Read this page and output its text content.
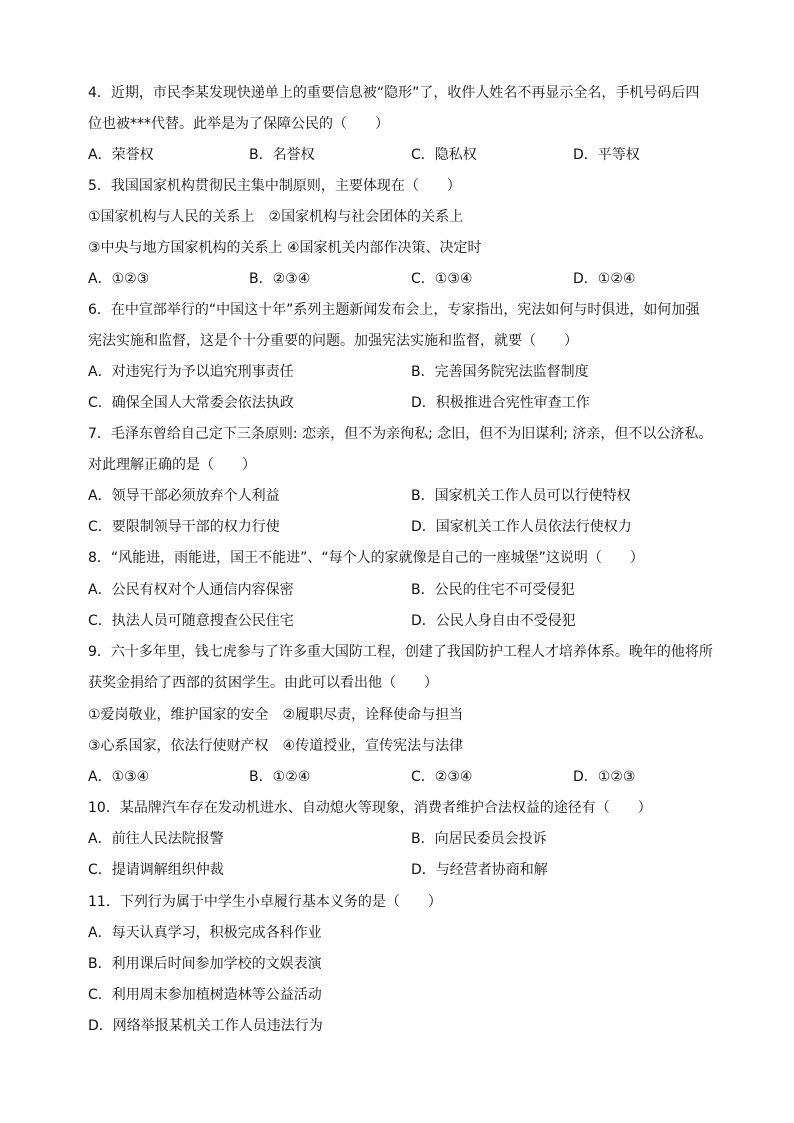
4．近期，市民李某发现快递单上的重要信息被“隐形”了，收件人姓名不再显示全名，手机号码后四
位也被***代替。此举是为了保障公民的（　　）
A．荣誉权	B．名誉权	C．隐私权	D．平等权
5．我国国家机构贯彻民主集中制原则，主要体现在（　　）
①国家机构与人民的关系上　②国家机构与社会团体的关系上
③中央与地方国家机构的关系上 ④国家机关内部作决策、决定时
A．①②③	B．②③④	C．①③④	D．①②④
6．在中宣部举行的“中国这十年”系列主题新闻发布会上，专家指出，宪法如何与时俱进，如何加强
宪法实施和监督，这是个十分重要的问题。加强宪法实施和监督，就要（　　）
A．对违宪行为予以追究刑事责任	B．完善国务院宪法监督制度
C．确保全国人大常委会依法执政	D．积极推进合宪性审查工作
7．毛泽东曾给自己定下三条原则: 恋亲，但不为亲徇私; 念旧，但不为旧谋利; 济亲，但不以公济私。
对此理解正确的是（　　）
A．领导干部必须放弃个人利益	B．国家机关工作人员可以行使特权
C．要限制领导干部的权力行使	D．国家机关工作人员依法行使权力
8．“风能进，雨能进，国王不能进”、“每个人的家就像是自己的一座城堡”这说明（　　）
A．公民有权对个人通信内容保密	B．公民的住宅不可受侵犯
C．执法人员可随意搜查公民住宅	D．公民人身自由不受侵犯
9．六十多年里，钱七虎参与了许多重大国防工程，创建了我国防护工程人才培养体系。晚年的他将所
获奖金捐给了西部的贫困学生。由此可以看出他（　　）
①爱岗敬业，维护国家的安全　②履职尽责，诠释使命与担当
③心系国家，依法行使财产权　④传道授业，宣传宪法与法律
A．①③④	B．①②④	C．②③④	D．①②③
10．某品牌汽车存在发动机进水、自动熄火等现象，消费者维护合法权益的途径有（　　）
A．前往人民法院报警	B．向居民委员会投诉
C．提请调解组织仲裁	D．与经营者协商和解
11．下列行为属于中学生小卓履行基本义务的是（　　）
A．每天认真学习，积极完成各科作业
B．利用课后时间参加学校的文娱表演
C．利用周末参加植树造林等公益活动
D．网络举报某机关工作人员违法行为
